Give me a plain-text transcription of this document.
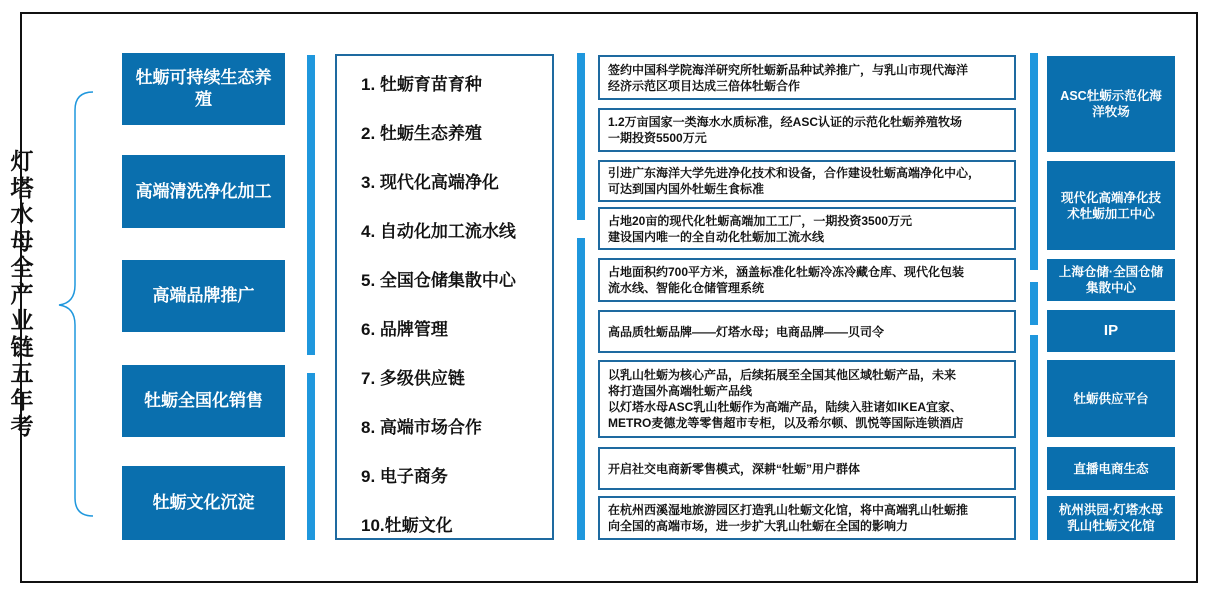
灯塔水母全产业链五年考
牡蛎可持续生态养殖
高端清洗净化加工
高端品牌推广
牡蛎全国化销售
牡蛎文化沉淀
1. 牡蛎育苗育种
2. 牡蛎生态养殖
3. 现代化高端净化
4. 自动化加工流水线
5. 全国仓储集散中心
6. 品牌管理
7. 多级供应链
8. 高端市场合作
9. 电子商务
10.牡蛎文化
签约中国科学院海洋研究所牡蛎新品种试养推广，与乳山市现代海洋
经济示范区项目达成三倍体牡蛎合作
1.2万亩国家一类海水水质标准，经ASC认证的示范化牡蛎养殖牧场
一期投资5500万元
引进广东海洋大学先进净化技术和设备，合作建设牡蛎高端净化中心，
可达到国内国外牡蛎生食标准
占地20亩的现代化牡蛎高端加工工厂，一期投资3500万元
建设国内唯一的全自动化牡蛎加工流水线
占地面积约700平方米，涵盖标准化牡蛎冷冻冷藏仓库、现代化包装
流水线、智能化仓储管理系统
高品质牡蛎品牌——灯塔水母；电商品牌——贝司令
以乳山牡蛎为核心产品，后续拓展至全国其他区域牡蛎产品，未来
将打造国外高端牡蛎产品线
以灯塔水母ASC乳山牡蛎作为高端产品，陆续入驻诸如IKEA宜家、
METRO麦德龙等零售超市专柜，以及希尔顿、凯悦等国际连锁酒店
开启社交电商新零售模式，深耕“牡蛎”用户群体
在杭州西溪湿地旅游园区打造乳山牡蛎文化馆，将中高端乳山牡蛎推
向全国的高端市场，进一步扩大乳山牡蛎在全国的影响力
ASC牡蛎示范化海洋牧场
现代化高端净化技术牡蛎加工中心
上海仓储·全国仓储集散中心
IP
牡蛎供应平台
直播电商生态
杭州洪园·灯塔水母乳山牡蛎文化馆
